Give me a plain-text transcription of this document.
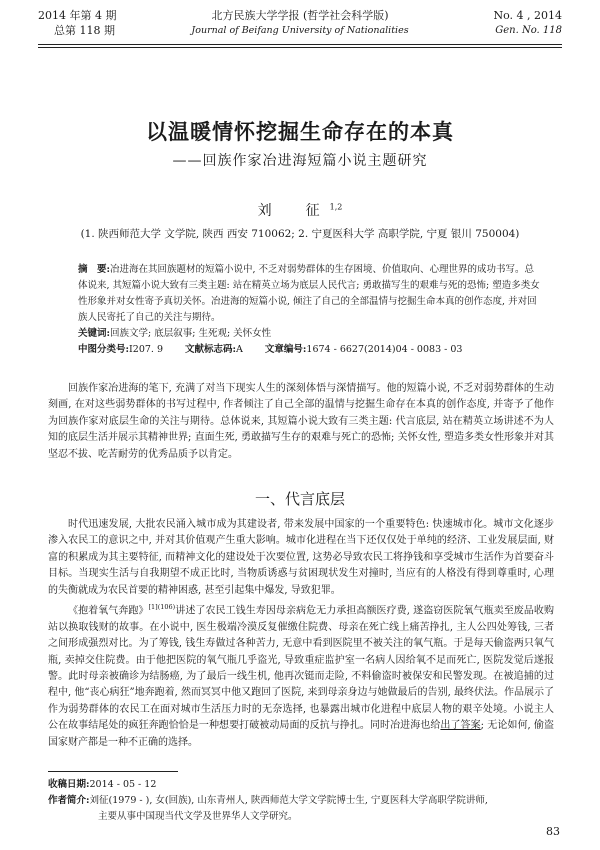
2014 年第 4 期
总第 118 期
北方民族大学学报 (哲学社会科学版)
Journal of Beifang University of Nationalities
No. 4 , 2014
Gen. No. 118
以温暖情怀挖掘生命存在的本真
——回族作家冶进海短篇小说主题研究
刘　征$^{1,2}$
(1. 陕西师范大学 文学院, 陕西 西安 710062; 2. 宁夏医科大学 高职学院, 宁夏 银川 750004)
摘　要:冶进海在其回族题材的短篇小说中, 不乏对弱势群体的生存困境、价值取向、心理世界的成功书写。总体说来, 其短篇小说大致有三类主题: 站在精英立场为底层人民代言; 勇敢描写生的艰难与死的恐怖; 塑造多类女性形象并对女性寄予真切关怀。冶进海的短篇小说, 倾注了自己的全部温情与挖掘生命本真的创作态度, 并对回族人民寄托了自己的关注与期待。
关键词:回族文学; 底层叙事; 生死观; 关怀女性
中图分类号:I207. 9 文献标志码:A 文章编号:1674 - 6627(2014)04 - 0083 - 03

回族作家冶进海的笔下, 充满了对当下现实人生的深刻体悟与深情描写。他的短篇小说, 不乏对弱势群体的生动刻画, 在对这些弱势群体的书写过程中, 作者倾注了自己全部的温情与挖掘生命存在本真的创作态度, 并寄予了他作为回族作家对底层生命的关注与期待。总体说来, 其短篇小说大致有三类主题: 代言底层, 站在精英立场讲述不为人知的底层生活并展示其精神世界; 直面生死, 勇敢描写生存的艰难与死亡的恐怖; 关怀女性, 塑造多类女性形象并对其坚忍不拔、吃苦耐劳的优秀品质予以肯定。

一、代言底层

时代迅速发展, 大批农民涌入城市成为其建设者, 带来发展中国家的一个重要特色: 快速城市化。城市文化逐步渗入农民工的意识之中, 并对其价值观产生重大影响。城市化进程在当下还仅仅处于单纯的经济、工业发展层面, 财富的积累成为其主要特征, 而精神文化的建设处于次要位置, 这势必导致农民工将挣钱和享受城市生活作为首要奋斗目标。当现实生活与自我期望不成正比时, 当物质诱惑与贫困现状发生对撞时, 当应有的人格没有得到尊重时, 心理的失衡就成为农民首要的精神困惑, 甚至引起集中爆发, 导致犯罪。

《抱着氧气奔跑》$^{[1](106)}$讲述了农民工钱生寿因母亲病危无力承担高额医疗费, 遂盗窃医院氧气瓶卖至废品收购站以换取钱财的故事。在小说中, 医生极端冷漠反复催缴住院费、母亲在死亡线上痛苦挣扎, 主人公四处筹钱, 三者之间形成强烈对比。为了筹钱, 钱生寿做过各种苦力, 无意中看到医院里不被关注的氧气瓶。于是每天偷盗两只氧气瓶, 卖掉交住院费。由于他把医院的氧气瓶几乎盗光, 导致重症监护室一名病人因给氧不足而死亡, 医院发觉后遂报警。此时母亲被确诊为结肠癌, 为了最后一线生机, 他再次铤而走险, 不料偷盗时被保安和民警发现。在被追捕的过程中, 他“丧心病狂”地奔跑着, 然而冥冥中他又跑回了医院, 来到母亲身边与她做最后的告别, 最终伏法。作品展示了作为弱势群体的农民工在面对城市生活压力时的无奈选择, 也暴露出城市化进程中底层人物的艰辛处境。小说主人公在故事结尾处的疯狂奔跑恰恰是一种想要打破被动局面的反抗与挣扎。同时冶进海也给出了答案; 无论如何, 偷盗国家财产都是一种不正确的选择。

收稿日期:2014 - 05 - 12
作者简介:刘征(1979 - ), 女(回族), 山东青州人, 陕西师范大学文学院博士生, 宁夏医科大学高职学院讲师,
主要从事中国现当代文学及世界华人文学研究。
83
